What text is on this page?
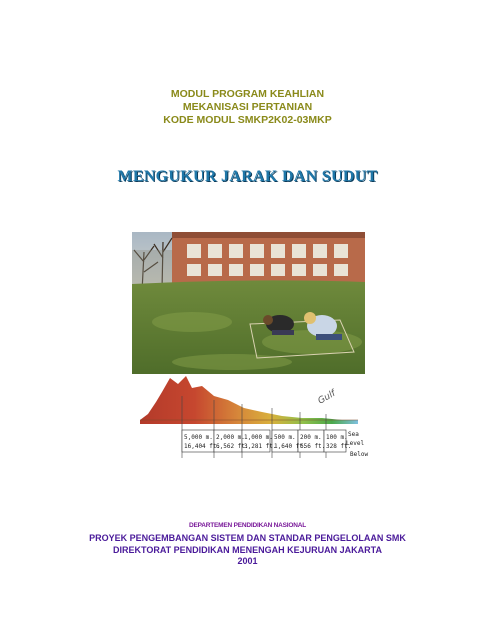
MODUL PROGRAM KEAHLIAN
MEKANISASI PERTANIAN
KODE MODUL SMKP2K02-03MKP
MENGUKUR JARAK DAN SUDUT
5,000 m.
16,404 ft.
2,000 m.
6,562 ft.
1,000 m.
3,281 ft.
500 m.
1,640 ft.
200 m.
656 ft.
100 m.
328 ft.
Sea
Level
Gulf
Below
DEPARTEMEN PENDIDIKAN NASIONAL
PROYEK PENGEMBANGAN SISTEM DAN STANDAR PENGELOLAAN SMK
DIREKTORAT PENDIDIKAN MENENGAH KEJURUAN JAKARTA
2001
